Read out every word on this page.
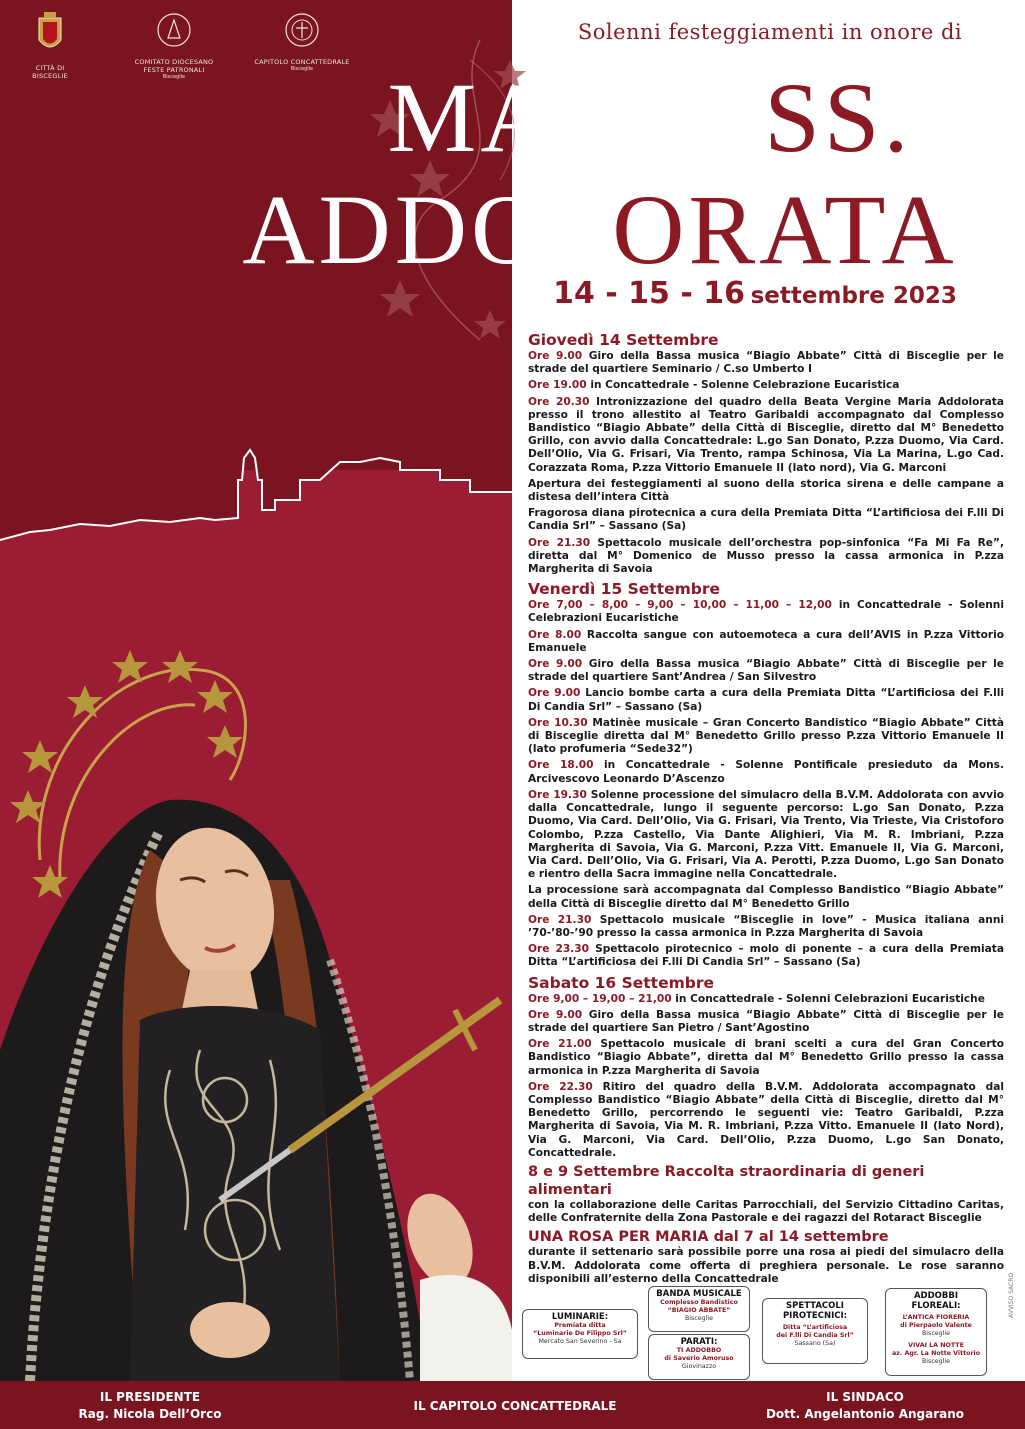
CITTÀ DI
BISCEGLIE
COMITATO DIOCESANO
FESTE PATRONALI
Bisceglie
CAPITOLO CONCATTEDRALE
Bisceglie
Solenni festeggiamenti in onore di
MARIA SS.
ADDOLORATA
14 - 15 - 16 settembre 2023
Giovedì 14 Settembre
Ore 9.00 Giro della Bassa musica “Biagio Abbate” Città di Bisceglie per le strade del quartiere Seminario / C.so Umberto I
Ore 19.00 in Concattedrale - Solenne Celebrazione Eucaristica
Ore 20.30 Intronizzazione del quadro della Beata Vergine Maria Addolorata presso il trono allestito al Teatro Garibaldi accompagnato dal Complesso Bandistico “Biagio Abbate” della Città di Bisceglie, diretto dal M° Benedetto Grillo, con avvio dalla Concattedrale: L.go San Donato, P.zza Duomo, Via Card. Dell’Olio, Via G. Frisari, Via Trento, rampa Schinosa, Via La Marina, L.go Cad. Corazzata Roma, P.zza Vittorio Emanuele II (lato nord), Via G. Marconi
Apertura dei festeggiamenti al suono della storica sirena e delle campane a distesa dell’intera Città
Fragorosa diana pirotecnica a cura della Premiata Ditta “L’artificiosa dei F.lli Di Candia Srl” – Sassano (Sa)
Ore 21.30 Spettacolo musicale dell’orchestra pop-sinfonica “Fa Mi Fa Re”, diretta dal M° Domenico de Musso presso la cassa armonica in P.zza Margherita di Savoia
Venerdì 15 Settembre
Ore 7,00 – 8,00 – 9,00 – 10,00 – 11,00 – 12,00 in Concattedrale - Solenni Celebrazioni Eucaristiche
Ore 8.00 Raccolta sangue con autoemoteca a cura dell’AVIS in P.zza Vittorio Emanuele
Ore 9.00 Giro della Bassa musica “Biagio Abbate” Città di Bisceglie per le strade del quartiere Sant’Andrea / San Silvestro
Ore 9.00 Lancio bombe carta a cura della Premiata Ditta “L’artificiosa dei F.lli Di Candia Srl” – Sassano (Sa)
Ore 10.30 Matinèe musicale – Gran Concerto Bandistico “Biagio Abbate” Città di Bisceglie diretta dal M° Benedetto Grillo presso P.zza Vittorio Emanuele II (lato profumeria “Sede32”)
Ore 18.00 in Concattedrale - Solenne Pontificale presieduto da Mons. Arcivescovo Leonardo D’Ascenzo
Ore 19.30 Solenne processione del simulacro della B.V.M. Addolorata con avvio dalla Concattedrale, lungo il seguente percorso: L.go San Donato, P.zza Duomo, Via Card. Dell’Olio, Via G. Frisari, Via Trento, Via Trieste, Via Cristoforo Colombo, P.zza Castello, Via Dante Alighieri, Via M. R. Imbriani, P.zza Margherita di Savoia, Via G. Marconi, P.zza Vitt. Emanuele II, Via G. Marconi, Via Card. Dell’Olio, Via G. Frisari, Via A. Perotti, P.zza Duomo, L.go San Donato e rientro della Sacra immagine nella Concattedrale.
La processione sarà accompagnata dal Complesso Bandistico “Biagio Abbate” della Città di Bisceglie diretto dal M° Benedetto Grillo
Ore 21.30 Spettacolo musicale “Bisceglie in love” - Musica italiana anni ’70-’80-’90 presso la cassa armonica in P.zza Margherita di Savoia
Ore 23.30 Spettacolo pirotecnico – molo di ponente – a cura della Premiata Ditta “L’artificiosa dei F.lli Di Candia Srl” – Sassano (Sa)
Sabato 16 Settembre
Ore 9,00 – 19,00 – 21,00 in Concattedrale - Solenni Celebrazioni Eucaristiche
Ore 9.00 Giro della Bassa musica “Biagio Abbate” Città di Bisceglie per le strade del quartiere San Pietro / Sant’Agostino
Ore 21.00 Spettacolo musicale di brani scelti a cura del Gran Concerto Bandistico “Biagio Abbate”, diretta dal M° Benedetto Grillo presso la cassa armonica in P.zza Margherita di Savoia
Ore 22.30 Ritiro del quadro della B.V.M. Addolorata accompagnato dal Complesso Bandistico “Biagio Abbate” della Città di Bisceglie, diretto dal M° Benedetto Grillo, percorrendo le seguenti vie: Teatro Garibaldi, P.zza Margherita di Savoia, Via M. R. Imbriani, P.zza Vitto. Emanuele II (lato Nord), Via G. Marconi, Via Card. Dell’Olio, P.zza Duomo, L.go San Donato, Concattedrale.
8 e 9 Settembre Raccolta straordinaria di generi alimentari
con la collaborazione delle Caritas Parrocchiali, del Servizio Cittadino Caritas, delle Confraternite della Zona Pastorale e dei ragazzi del Rotaract Bisceglie
UNA ROSA PER MARIA dal 7 al 14 settembre
durante il settenario sarà possibile porre una rosa ai piedi del simulacro della B.V.M. Addolorata come offerta di preghiera personale. Le rose saranno disponibili all’esterno della Concattedrale
LUMINARIE:
Premiata ditta
“Luminarie De Filippo Srl”
Mercato San Severino - Sa
BANDA MUSICALE
Complesso Bandistico
“BIAGIO ABBATE”
Bisceglie
PARATI:
TI ADDOBBO
di Saverio Amoruso
Giovinazzo
SPETTACOLI
PIROTECNICI:
Ditta “L’artificiosa
dei F.lli Di Candia Srl”
Sassano (Sa)
ADDOBBI FLOREALI:
L’ANTICA FIORERIA
di Pierpaolo Valente
Bisceglie
VIVAI LA NOTTE
az. Agr. La Notte Vittorio
Bisceglie
AVVISO SACRO
IL PRESIDENTE
Rag. Nicola Dell’Orco
IL CAPITOLO CONCATTEDRALE
IL SINDACO
Dott. Angelantonio Angarano
